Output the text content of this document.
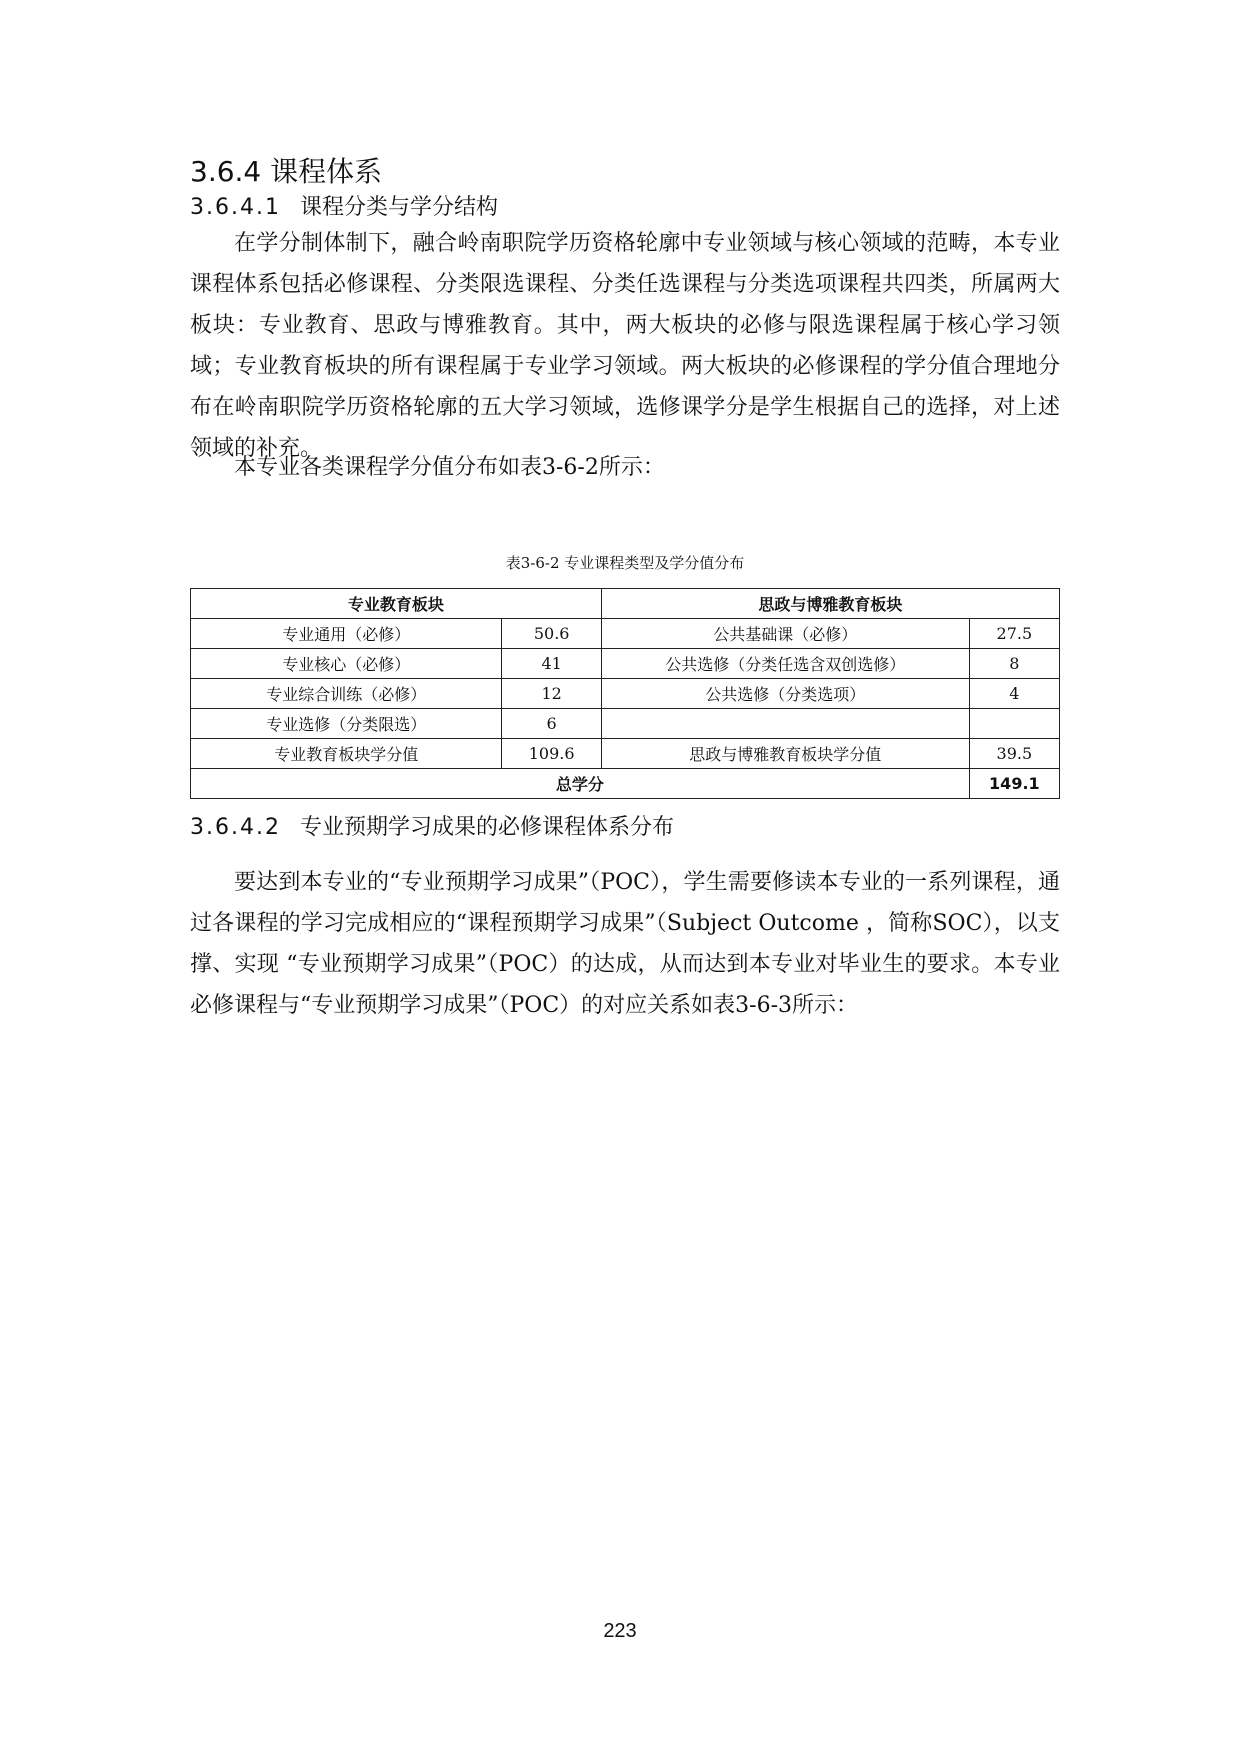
3.6.4 课程体系
3.6.4.1 课程分类与学分结构

在学分制体制下，融合岭南职院学历资格轮廓中专业领域与核心领域的范畴，本专业课程体系包括必修课程、分类限选课程、分类任选课程与分类选项课程共四类，所属两大板块：专业教育、思政与博雅教育。其中，两大板块的必修与限选课程属于核心学习领域；专业教育板块的所有课程属于专业学习领域。两大板块的必修课程的学分值合理地分布在岭南职院学历资格轮廓的五大学习领域，选修课学分是学生根据自己的选择，对上述领域的补充。

本专业各类课程学分值分布如表3-6-2所示：

表3-6-2 专业课程类型及学分值分布
专业教育板块		思政与博雅教育板块	
专业通用（必修）	50.6	公共基础课（必修）	27.5
专业核心（必修）	41	公共选修（分类任选含双创选修）	8
专业综合训练（必修）	12	公共选修（分类选项）	4
专业选修（分类限选）	6		
专业教育板块学分值	109.6	思政与博雅教育板块学分值	39.5
总学分			149.1
3.6.4.2 专业预期学习成果的必修课程体系分布

要达到本专业的“专业预期学习成果”（POC），学生需要修读本专业的一系列课程，通过各课程的学习完成相应的“课程预期学习成果”（Subject Outcome ，简称SOC），以支撑、实现 “专业预期学习成果”（POC）的达成，从而达到本专业对毕业生的要求。本专业必修课程与“专业预期学习成果”（POC）的对应关系如表3-6-3所示：

223
